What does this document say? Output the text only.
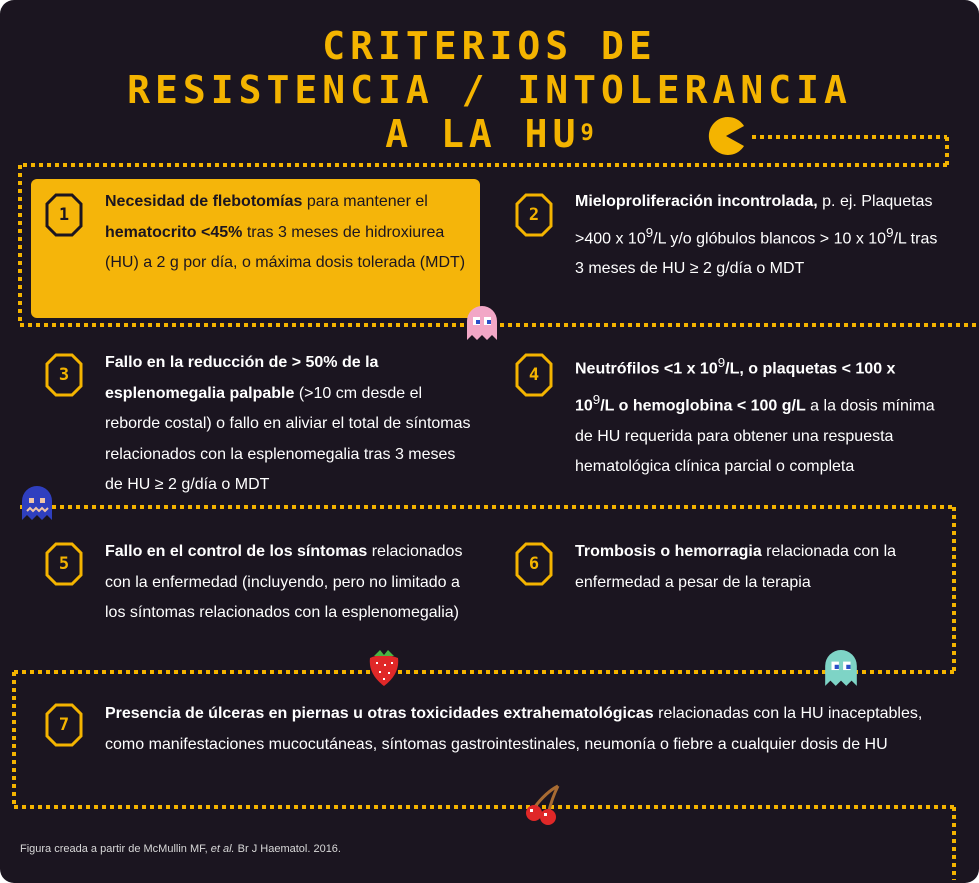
CRITERIOS DE
RESISTENCIA / INTOLERANCIA
A LA $HU^9$
1	2
3	4
5	6
7

Necesidad de flebotomías para mantener el hematocrito <45% tras 3 meses de hidroxiurea (HU) a 2 g por día, o máxima dosis tolerada (MDT)

Mieloproliferación incontrolada, p. ej. Plaquetas >400 x $10^9/L$ y/o glóbulos blancos > 10 x $10^9/L$ tras 3 meses de HU ≥ 2 g/día o MDT

Fallo en la reducción de > 50% de la esplenomegalia palpable (>10 cm desde el reborde costal) o fallo en aliviar el total de síntomas relacionados con la esplenomegalia tras 3 meses de HU ≥ 2 g/día o MDT

Neutrófilos <1 x $10^9/L$, o plaquetas < 100 x $10^9/L$ o hemoglobina < 100 g/L a la dosis mínima de HU requerida para obtener una respuesta hematológica clínica parcial o completa

Fallo en el control de los síntomas relacionados con la enfermedad (incluyendo, pero no limitado a los síntomas relacionados con la esplenomegalia)

Trombosis o hemorragia relacionada con la enfermedad a pesar de la terapia

Presencia de úlceras en piernas u otras toxicidades extrahematológicas relacionadas con la HU inaceptables, como manifestaciones mucocutáneas, síntomas gastrointestinales, neumonía o fiebre a cualquier dosis de HU

Figura creada a partir de McMullin MF, et al. Br J Haematol. 2016.
